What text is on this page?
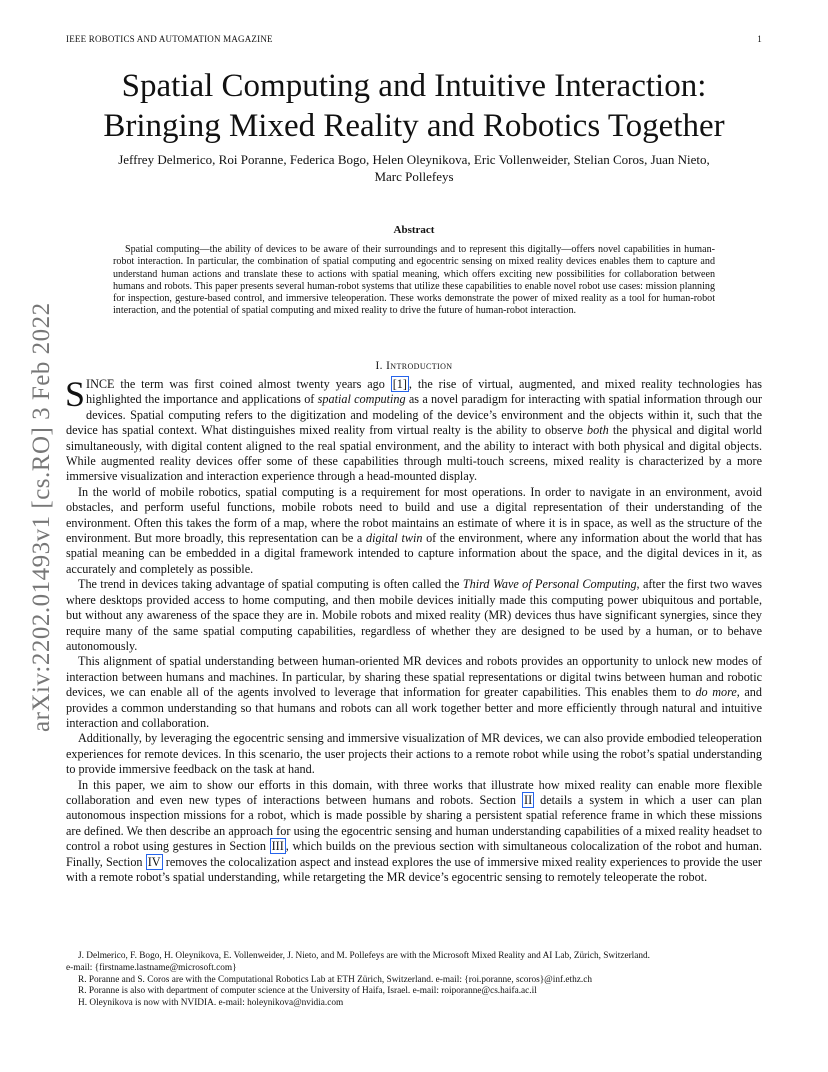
IEEE ROBOTICS AND AUTOMATION MAGAZINE	1
arXiv:2202.01493v1 [cs.RO] 3 Feb 2022
Spatial Computing and Intuitive Interaction:
Bringing Mixed Reality and Robotics Together
Jeffrey Delmerico, Roi Poranne, Federica Bogo, Helen Oleynikova, Eric Vollenweider, Stelian Coros, Juan Nieto,
Marc Pollefeys
Abstract

Spatial computing—the ability of devices to be aware of their surroundings and to represent this digitally—offers novel capabilities in human-robot interaction. In particular, the combination of spatial computing and egocentric sensing on mixed reality devices enables them to capture and understand human actions and translate these to actions with spatial meaning, which offers exciting new possibilities for collaboration between humans and robots. This paper presents several human-robot systems that utilize these capabilities to enable novel robot use cases: mission planning for inspection, gesture-based control, and immersive teleoperation. These works demonstrate the power of mixed reality as a tool for human-robot interaction, and the potential of spatial computing and mixed reality to drive the future of human-robot interaction.

I. Introduction

SINCE the term was first coined almost twenty years ago [1] , the rise of virtual, augmented, and mixed reality technologies has highlighted the importance and applications of spatial computing as a novel paradigm for interacting with spatial information through our devices. Spatial computing refers to the digitization and modeling of the device’s environment and the objects within it, such that the device has spatial context. What distinguishes mixed reality from virtual realty is the ability to observe both the physical and digital world simultaneously, with digital content aligned to the real spatial environment, and the ability to interact with both physical and digital objects. While augmented reality devices offer some of these capabilities through multi-touch screens, mixed reality is characterized by a more immersive visualization and interaction experience through a head-mounted display.

In the world of mobile robotics, spatial computing is a requirement for most operations. In order to navigate in an environment, avoid obstacles, and perform useful functions, mobile robots need to build and use a digital representation of their understanding of the environment. Often this takes the form of a map, where the robot maintains an estimate of where it is in space, as well as the structure of the environment. But more broadly, this representation can be a digital twin of the environment, where any information about the world that has spatial meaning can be embedded in a digital framework intended to capture information about the space, and the digital devices in it, as accurately and completely as possible.

The trend in devices taking advantage of spatial computing is often called the Third Wave of Personal Computing, after the first two waves where desktops provided access to home computing, and then mobile devices initially made this computing power ubiquitous and portable, but without any awareness of the space they are in. Mobile robots and mixed reality (MR) devices thus have significant synergies, since they require many of the same spatial computing capabilities, regardless of whether they are designed to be used by a human, or to behave autonomously.

This alignment of spatial understanding between human-oriented MR devices and robots provides an opportunity to unlock new modes of interaction between humans and machines. In particular, by sharing these spatial representations or digital twins between human and robotic devices, we can enable all of the agents involved to leverage that information for greater capabilities. This enables them to do more, and provides a common understanding so that humans and robots can all work together better and more efficiently through natural and intuitive interaction and collaboration.

Additionally, by leveraging the egocentric sensing and immersive visualization of MR devices, we can also provide embodied teleoperation experiences for remote devices. In this scenario, the user projects their actions to a remote robot while using the robot’s spatial understanding to provide immersive feedback on the task at hand.

In this paper, we aim to show our efforts in this domain, with three works that illustrate how mixed reality can enable more flexible collaboration and even new types of interactions between humans and robots. Section II details a system in which a user can plan autonomous inspection missions for a robot, which is made possible by sharing a persistent spatial reference frame in which these missions are defined. We then describe an approach for using the egocentric sensing and human understanding capabilities of a mixed reality headset to control a robot using gestures in Section III , which builds on the previous section with simultaneous colocalization of the robot and human. Finally, Section IV removes the colocalization aspect and instead explores the use of immersive mixed reality experiences to provide the user with a remote robot’s spatial understanding, while retargeting the MR device’s egocentric sensing to remotely teleoperate the robot.

J. Delmerico, F. Bogo, H. Oleynikova, E. Vollenweider, J. Nieto, and M. Pollefeys are with the Microsoft Mixed Reality and AI Lab, Zürich, Switzerland.

e-mail: {firstname.lastname@microsoft.com}

R. Poranne and S. Coros are with the Computational Robotics Lab at ETH Zürich, Switzerland. e-mail: {roi.poranne, scoros}@inf.ethz.ch

R. Poranne is also with department of computer science at the University of Haifa, Israel. e-mail: roiporanne@cs.haifa.ac.il

H. Oleynikova is now with NVIDIA. e-mail: holeynikova@nvidia.com
